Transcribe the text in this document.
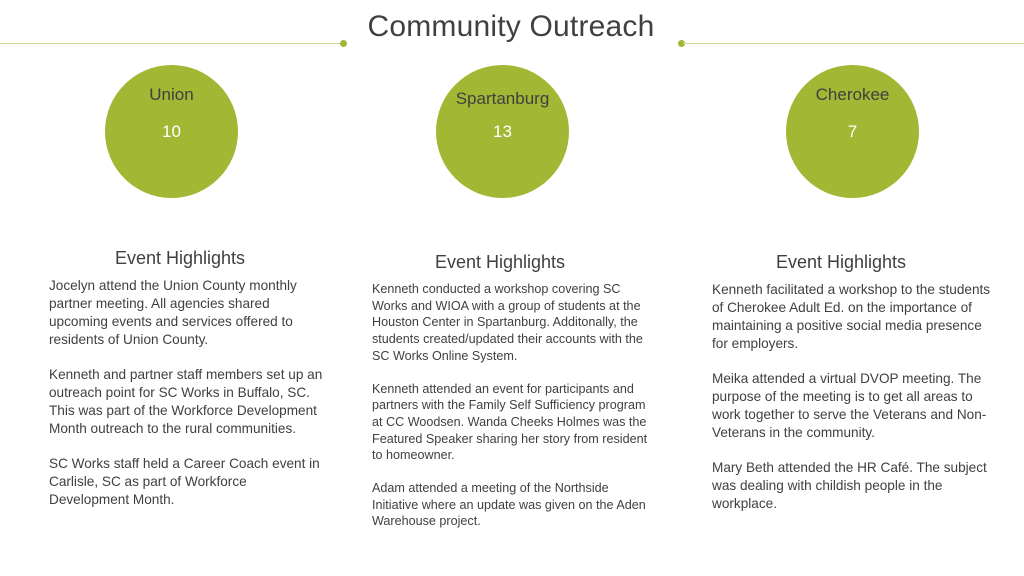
Community Outreach
Union
10
Spartanburg
13
Cherokee
7
Event Highlights

Jocelyn attend the Union County monthly partner meeting. All agencies shared upcoming events and services offered to residents of Union County.

Kenneth and partner staff members set up an outreach point for SC Works in Buffalo, SC. This was part of the Workforce Development Month outreach to the rural communities.

SC Works staff held a Career Coach event in Carlisle, SC as part of Workforce Development Month.

Event Highlights

Kenneth conducted a workshop covering SC Works and WIOA with a group of students at the Houston Center in Spartanburg. Additonally, the students created/updated their accounts with the SC Works Online System.

Kenneth attended an event for participants and partners with the Family Self Sufficiency program at CC Woodsen. Wanda Cheeks Holmes was the Featured Speaker sharing her story from resident to homeowner.

Adam attended a meeting of the Northside Initiative where an update was given on the Aden Warehouse project.

Event Highlights

Kenneth facilitated a workshop to the students of Cherokee Adult Ed. on the importance of maintaining a positive social media presence for employers.

Meika attended a virtual DVOP meeting. The purpose of the meeting is to get all areas to work together to serve the Veterans and Non-Veterans in the community.

Mary Beth attended the HR Café. The subject was dealing with childish people in the workplace.
